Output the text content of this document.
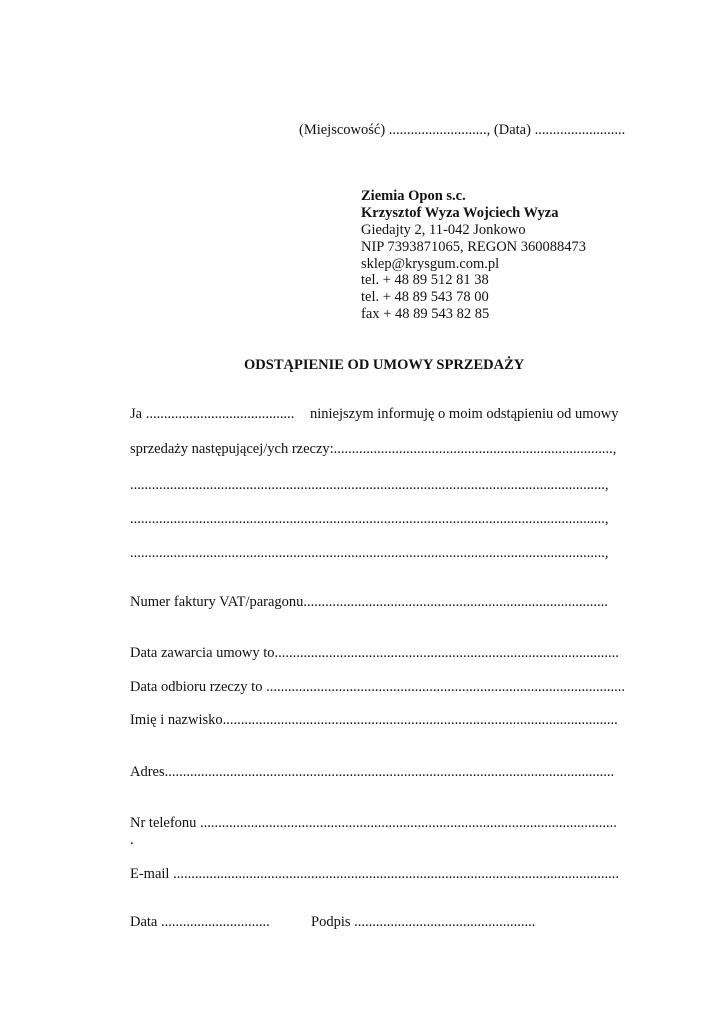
(Miejscowość) ..........................., (Data) .........................
Ziemia Opon s.c.
Krzysztof Wyza Wojciech Wyza
Giedajty 2, 11-042 Jonkowo
NIP 7393871065, REGON 360088473
sklep@krysgum.com.pl
tel. + 48 89 512 81 38
tel. + 48 89 543 78 00
fax + 48 89 543 82 85
ODSTĄPIENIE OD UMOWY SPRZEDAŻY
Ja ......................................... niniejszym informuję o moim odstąpieniu od umowy
sprzedaży następującej/ych rzeczy:.............................................................................,
...................................................................................................................................,
...................................................................................................................................,
...................................................................................................................................,
Numer faktury VAT/paragonu....................................................................................
Data zawarcia umowy to...............................................................................................
Data odbioru rzeczy to ...................................................................................................
Imię i nazwisko.............................................................................................................
Adres............................................................................................................................
Nr telefonu ...................................................................................................................
.
E-mail ...........................................................................................................................
Data ..............................	Podpis ..................................................
